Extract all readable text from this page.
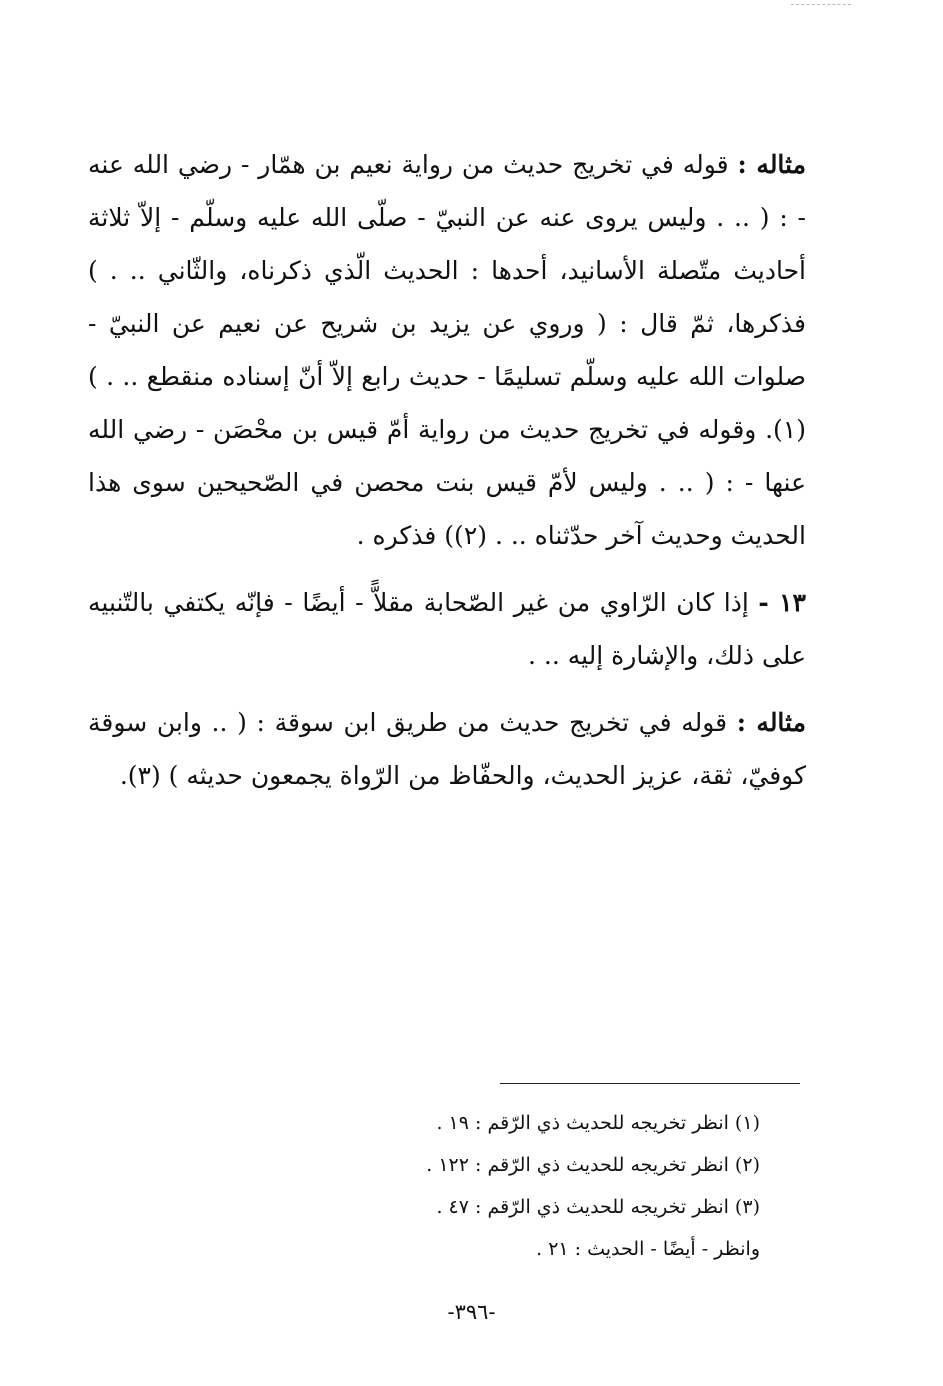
مثاله : قوله في تخريج حديث من رواية نعيم بن همّار - رضي الله عنه - : ( .. . وليس يروى عنه عن النبيّ - صلّى الله عليه وسلّم - إلاّ ثلاثة أحاديث متّصلة الأسانيد، أحدها : الحديث الّذي ذكرناه، والثّاني .. . ) فذكرها، ثمّ قال : ( وروي عن يزيد بن شريح عن نعيم عن النبيّ - صلوات الله عليه وسلّم تسليمًا - حديث رابع إلاّ أنّ إسناده منقطع .. . ) (١). وقوله في تخريج حديث من رواية أمّ قيس بن محْصَن - رضي الله عنها - : ( .. . وليس لأمّ قيس بنت محصن في الصّحيحين سوى هذا الحديث وحديث آخر حدّثناه .. . (٢)) فذكره .

١٣ - إذا كان الرّاوي من غير الصّحابة مقلاًّ - أيضًا - فإنّه يكتفي بالتّنبيه على ذلك، والإشارة إليه .. .

مثاله : قوله في تخريج حديث من طريق ابن سوقة : ( .. وابن سوقة كوفيّ، ثقة، عزيز الحديث، والحفّاظ من الرّواة يجمعون حديثه ) (٣).

(١) انظر تخريجه للحديث ذي الرّقم : ١٩ .
(٢) انظر تخريجه للحديث ذي الرّقم : ١٢٢ .
(٣) انظر تخريجه للحديث ذي الرّقم : ٤٧ .
وانظر - أيضًا - الحديث : ٢١ .
-٣٩٦-
